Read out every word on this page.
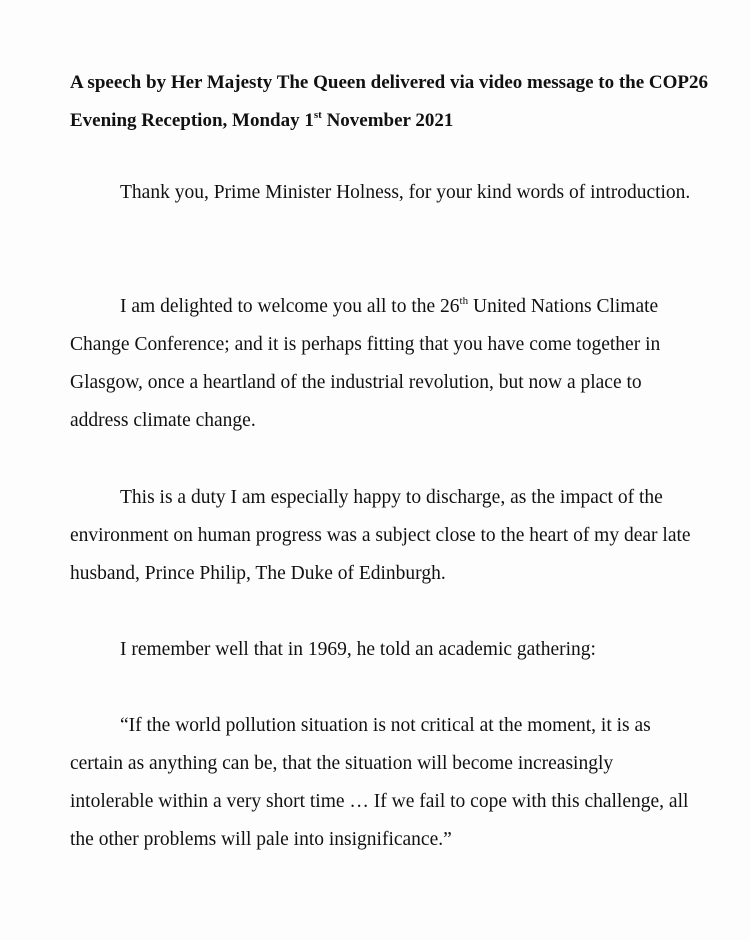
A speech by Her Majesty The Queen delivered via video message to the COP26 Evening Reception, Monday 1st November 2021

Thank you, Prime Minister Holness, for your kind words of introduction.

I am delighted to welcome you all to the 26th United Nations Climate Change Conference; and it is perhaps fitting that you have come together in Glasgow, once a heartland of the industrial revolution, but now a place to address climate change.

This is a duty I am especially happy to discharge, as the impact of the environment on human progress was a subject close to the heart of my dear late husband, Prince Philip, The Duke of Edinburgh.

I remember well that in 1969, he told an academic gathering:

“If the world pollution situation is not critical at the moment, it is as certain as anything can be, that the situation will become increasingly intolerable within a very short time … If we fail to cope with this challenge, all the other problems will pale into insignificance.”
